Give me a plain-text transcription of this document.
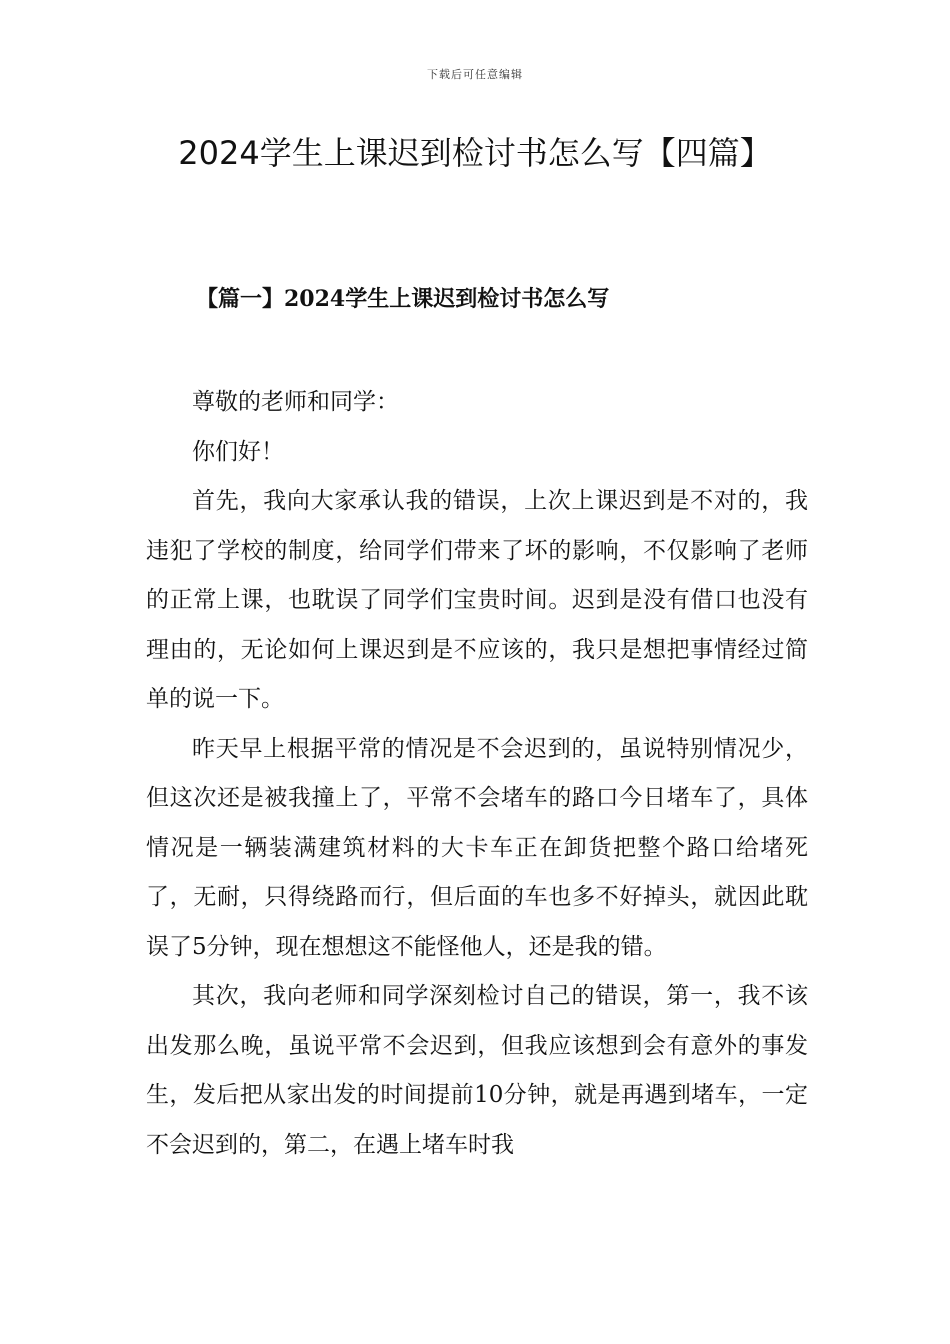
下载后可任意编辑
2024学生上课迟到检讨书怎么写【四篇】
【篇一】2024学生上课迟到检讨书怎么写

尊敬的老师和同学：

你们好！

首先，我向大家承认我的错误，上次上课迟到是不对的，我违犯了学校的制度，给同学们带来了坏的影响，不仅影响了老师的正常上课，也耽误了同学们宝贵时间。迟到是没有借口也没有理由的，无论如何上课迟到是不应该的，我只是想把事情经过简单的说一下。

昨天早上根据平常的情况是不会迟到的，虽说特别情况少，但这次还是被我撞上了，平常不会堵车的路口今日堵车了，具体情况是一辆装满建筑材料的大卡车正在卸货把整个路口给堵死了，无耐，只得绕路而行，但后面的车也多不好掉头，就因此耽误了5分钟，现在想想这不能怪他人，还是我的错。

其次，我向老师和同学深刻检讨自己的错误，第一，我不该出发那么晚，虽说平常不会迟到，但我应该想到会有意外的事发生，发后把从家出发的时间提前10分钟，就是再遇到堵车，一定不会迟到的，第二，在遇上堵车时我
